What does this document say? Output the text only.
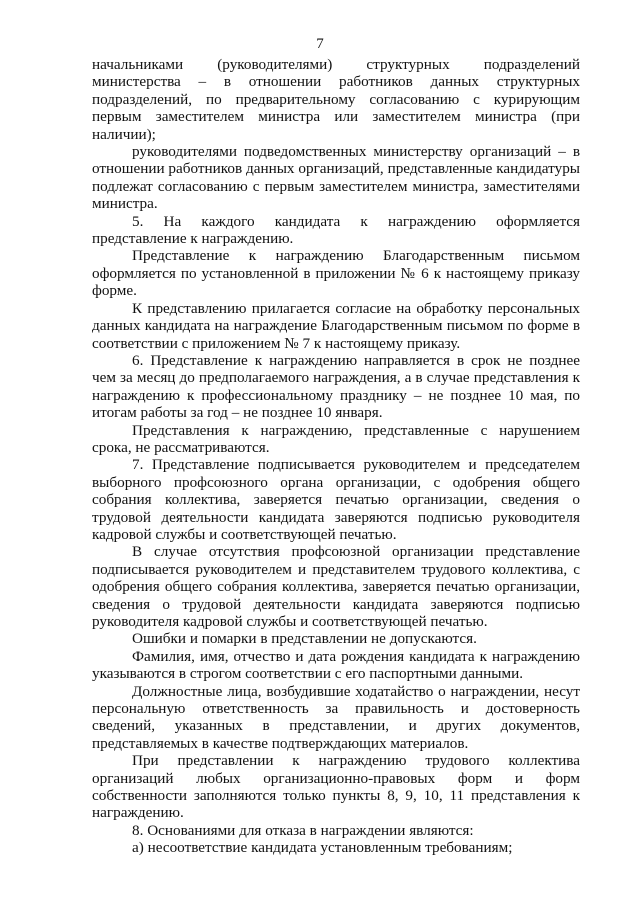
7

начальниками (руководителями) структурных подразделений министерства – в отношении работников данных структурных подразделений, по предварительному согласованию с курирующим первым заместителем министра или заместителем министра (при наличии);

руководителями подведомственных министерству организаций – в отношении работников данных организаций, представленные кандидатуры подлежат согласованию с первым заместителем министра, заместителями министра.

5. На каждого кандидата к награждению оформляется представление к награждению.

Представление к награждению Благодарственным письмом оформляется по установленной в приложении № 6 к настоящему приказу форме.

К представлению прилагается согласие на обработку персональных данных кандидата на награждение Благодарственным письмом по форме в соответствии с приложением № 7 к настоящему приказу.

6. Представление к награждению направляется в срок не позднее чем за месяц до предполагаемого награждения, а в случае представления к награждению к профессиональному празднику – не позднее 10 мая, по итогам работы за год – не позднее 10 января.

Представления к награждению, представленные с нарушением срока, не рассматриваются.

7. Представление подписывается руководителем и председателем выборного профсоюзного органа организации, с одобрения общего собрания коллектива, заверяется печатью организации, сведения о трудовой деятельности кандидата заверяются подписью руководителя кадровой службы и соответствующей печатью.

В случае отсутствия профсоюзной организации представление подписывается руководителем и представителем трудового коллектива, с одобрения общего собрания коллектива, заверяется печатью организации, сведения о трудовой деятельности кандидата заверяются подписью руководителя кадровой службы и соответствующей печатью.

Ошибки и помарки в представлении не допускаются.

Фамилия, имя, отчество и дата рождения кандидата к награждению указываются в строгом соответствии с его паспортными данными.

Должностные лица, возбудившие ходатайство о награждении, несут персональную ответственность за правильность и достоверность сведений, указанных в представлении, и других документов, представляемых в качестве подтверждающих материалов.

При представлении к награждению трудового коллектива организаций любых организационно-правовых форм и форм собственности заполняются только пункты 8, 9, 10, 11 представления к награждению.

8. Основаниями для отказа в награждении являются:

а) несоответствие кандидата установленным требованиям;
